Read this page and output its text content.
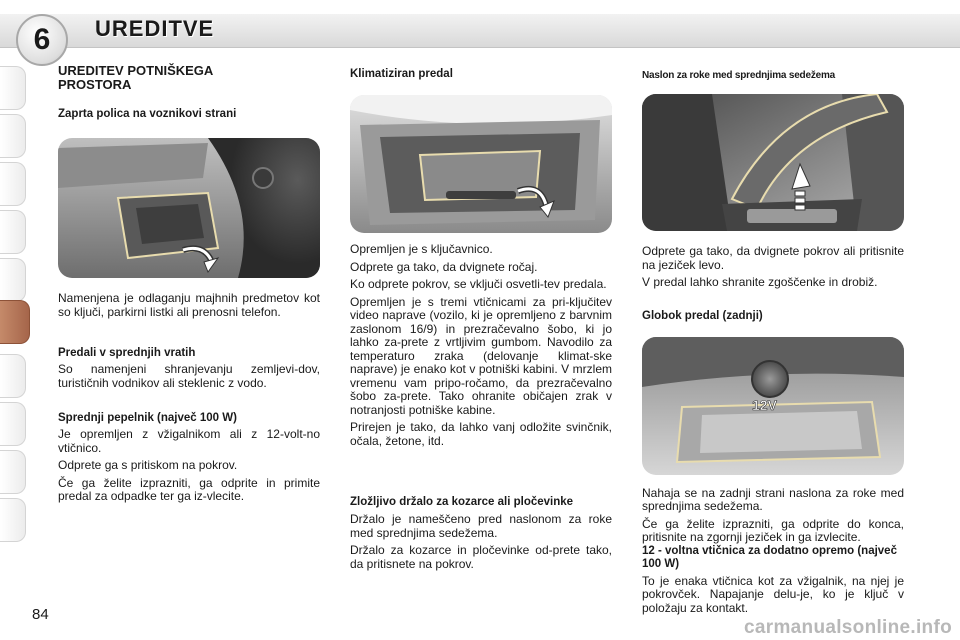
6 UREDITVE
UREDITEV POTNIŠKEGA PROSTORA
Zaprta polica na voznikovi strani

Namenjena je odlaganju majhnih predmetov kot so ključi, parkirni listki ali prenosni telefon.

Predali v sprednjih vratih

So namenjeni shranjevanju zemljevi-dov, turističnih vodnikov ali steklenic z vodo.

Sprednji pepelnik (največ 100 W)

Je opremljen z vžigalnikom ali z 12-volt-no vtičnico.

Odprete ga s pritiskom na pokrov.

Če ga želite izprazniti, ga odprite in primite predal za odpadke ter ga iz-vlecite.

Klimatiziran predal

Opremljen je s ključavnico.

Odprete ga tako, da dvignete ročaj.

Ko odprete pokrov, se vključi osvetli-tev predala.

Opremljen je s tremi vtičnicami za pri-ključitev video naprave (vozilo, ki je opremljeno z barvnim zaslonom 16/9) in prezračevalno šobo, ki jo lahko za-prete z vrtljivim gumbom. Navodilo za temperaturo zraka (delovanje klimat-ske naprave) je enako kot v potniški kabini. V mrzlem vremenu vam pripo-ročamo, da prezračevalno šobo za-prete. Tako ohranite običajen zrak v notranjosti potniške kabine.

Prirejen je tako, da lahko vanj odložite svinčnik, očala, žetone, itd.

Zložljivo držalo za kozarce ali pločevinke

Držalo je nameščeno pred naslonom za roke med sprednjima sedežema.

Držalo za kozarce in pločevinke od-prete tako, da pritisnete na pokrov.

Naslon za roke med sprednjima sedežema

Odprete ga tako, da dvignete pokrov ali pritisnite na jeziček levo.

V predal lahko shranite zgoščenke in drobiž.

Globok predal (zadnji)
12V

Nahaja se na zadnji strani naslona za roke med sprednjima sedežema.

Če ga želite izprazniti, ga odprite do konca, pritisnite na zgornji jeziček in ga izvlecite.

12 - voltna vtičnica za dodatno opremo (največ 100 W)

To je enaka vtičnica kot za vžigalnik, na njej je pokrovček. Napajanje delu-je, ko je ključ v položaju za kontakt.

84
carmanualsonline.info
